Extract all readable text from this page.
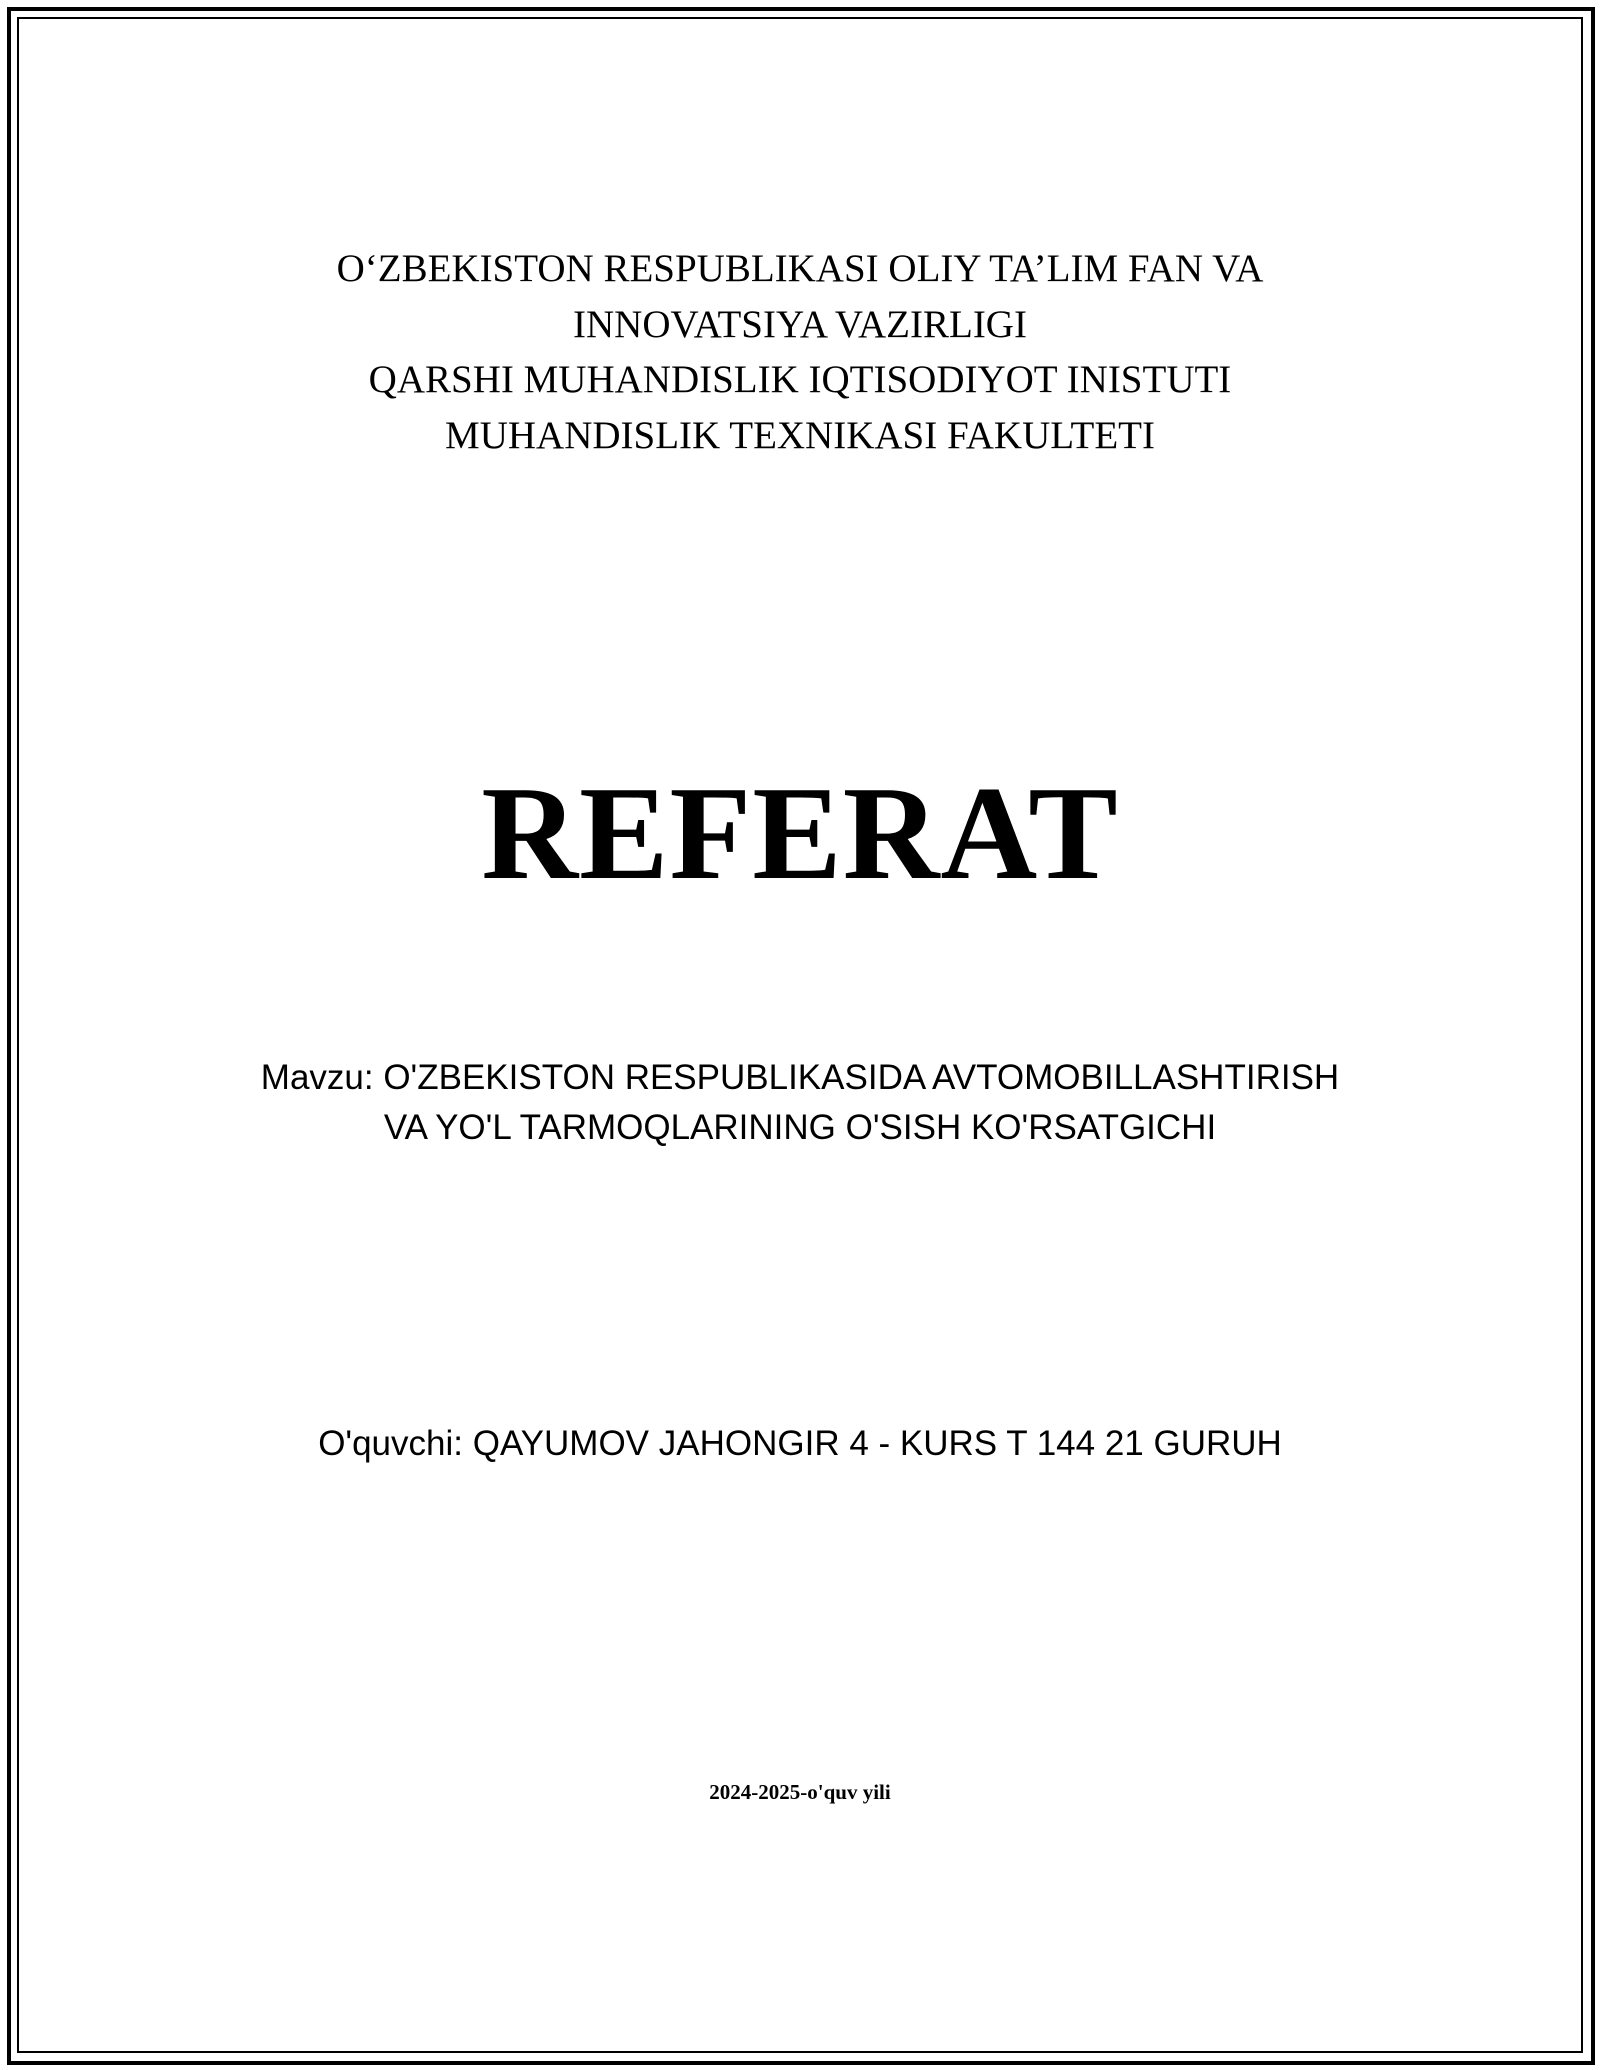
O‘ZBEKISTON RESPUBLIKASI OLIY TA’LIM FAN VA
INNOVATSIYA VAZIRLIGI
QARSHI MUHANDISLIK IQTISODIYOT INISTUTI
MUHANDISLIK TEXNIKASI FAKULTETI
REFERAT
Mavzu: O'ZBEKISTON RESPUBLIKASIDA AVTOMOBILLASHTIRISH
VA YO'L TARMOQLARINING O'SISH KO'RSATGICHI
O'quvchi: QAYUMOV JAHONGIR 4 - KURS T 144 21 GURUH
2024-2025-o'quv yili
